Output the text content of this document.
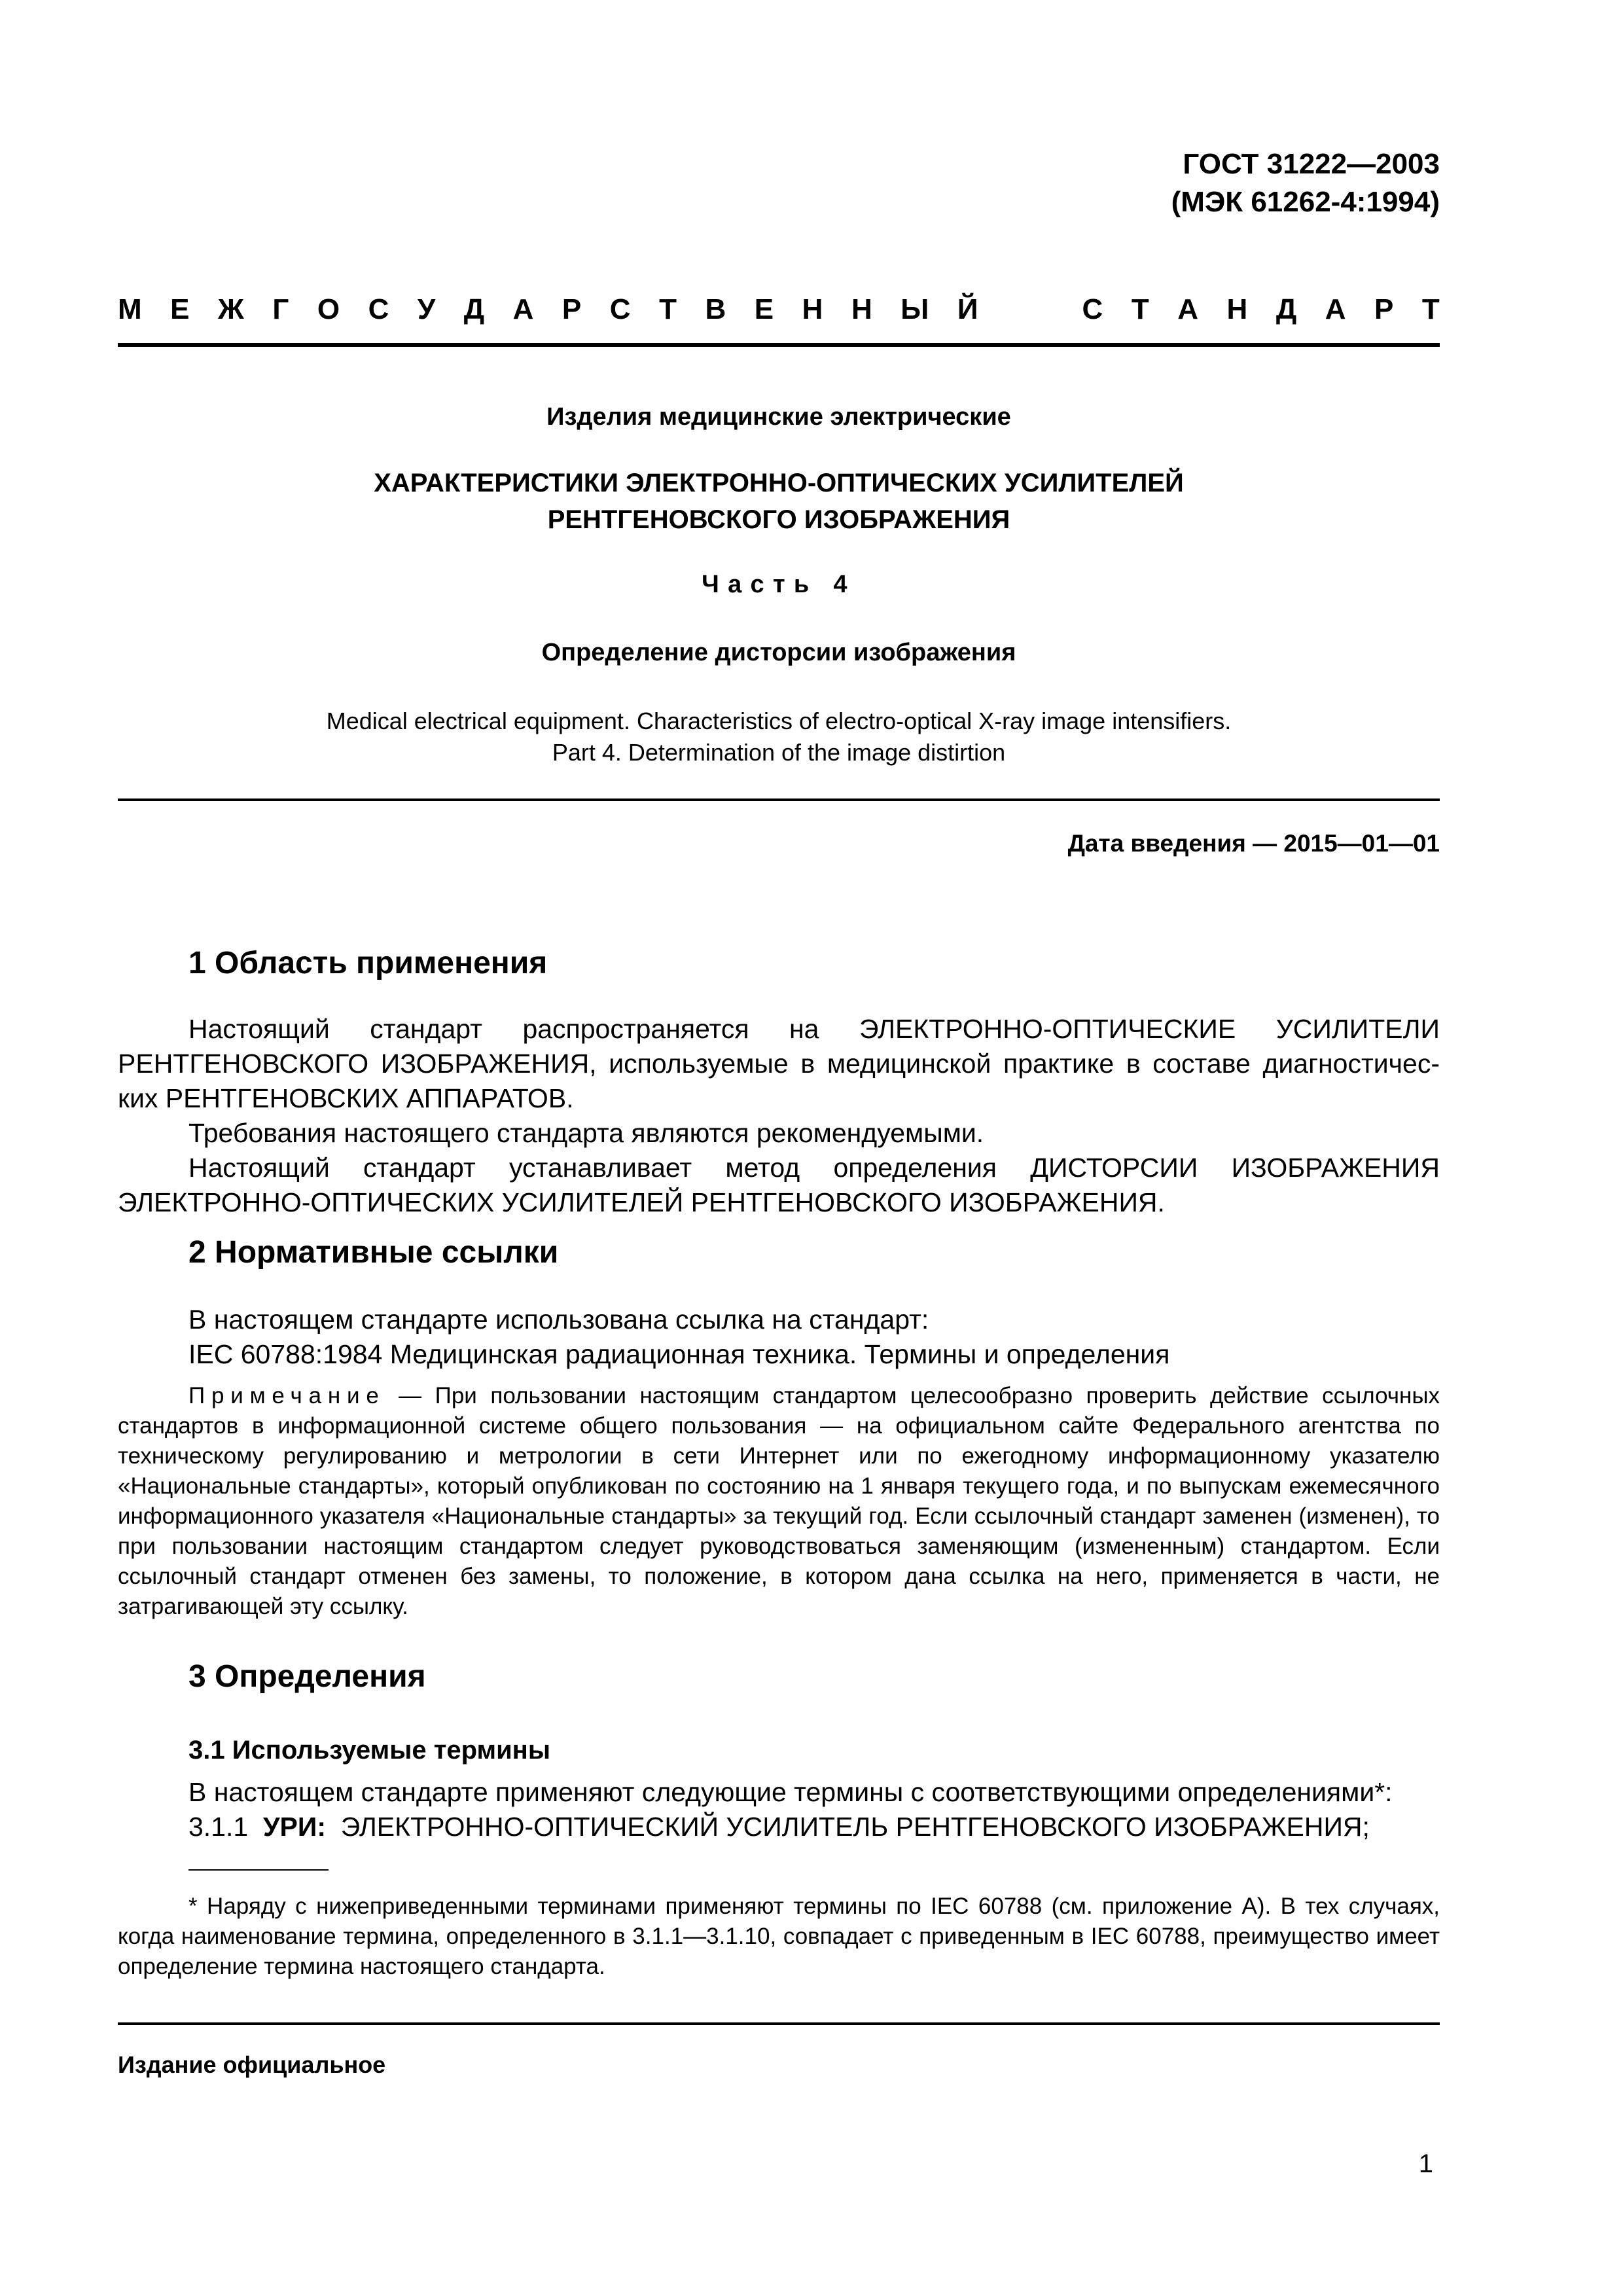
ГОСТ 31222—2003
(МЭК 61262-4:1994)
М Е Ж Г О С У Д А Р С Т В Е Н Н Ы Й	С Т А Н Д А Р Т
Изделия медицинские электрические
ХАРАКТЕРИСТИКИ ЭЛЕКТРОННО-ОПТИЧЕСКИХ УСИЛИТЕЛЕЙ
РЕНТГЕНОВСКОГО ИЗОБРАЖЕНИЯ
Часть 4
Определение дисторсии изображения
Medical electrical equipment. Characteristics of electro-optical X-ray image intensifiers.
Part 4. Determination of the image distirtion
Дата введения — 2015—01—01
1 Область применения
Настоящий стандарт распространяется на ЭЛЕКТРОННО-ОПТИЧЕСКИЕ УСИЛИТЕЛИ
РЕНТГЕНОВСКОГО ИЗОБРАЖЕНИЯ, используемые в медицинской практике в составе диагностичес-
ких РЕНТГЕНОВСКИХ АППАРАТОВ.
Требования настоящего стандарта являются рекомендуемыми.
Настоящий стандарт устанавливает метод определения ДИСТОРСИИ ИЗОБРАЖЕНИЯ
ЭЛЕКТРОННО-ОПТИЧЕСКИХ УСИЛИТЕЛЕЙ РЕНТГЕНОВСКОГО ИЗОБРАЖЕНИЯ.
2 Нормативные ссылки
В настоящем стандарте использована ссылка на стандарт:
IEC 60788:1984 Медицинская радиационная техника. Термины и определения
Примечание — При пользовании настоящим стандартом целесообразно проверить действие ссылочных стандартов в информационной системе общего пользования — на официальном сайте Федерального агентства по техническому регулированию и метрологии в сети Интернет или по ежегодному информационному указателю «Национальные стандарты», который опубликован по состоянию на 1 января текущего года, и по выпускам ежемесячного информационного указателя «Национальные стандарты» за текущий год. Если ссылочный стандарт заменен (изменен), то при пользовании настоящим стандартом следует руководствоваться заменяющим (измененным) стандартом. Если ссылочный стандарт отменен без замены, то положение, в котором дана ссылка на него, применяется в части, не затрагивающей эту ссылку.
3 Определения
3.1 Используемые термины
В настоящем стандарте применяют следующие термины с соответствующими определениями*:
3.1.1 УРИ: ЭЛЕКТРОННО-ОПТИЧЕСКИЙ УСИЛИТЕЛЬ РЕНТГЕНОВСКОГО ИЗОБРАЖЕНИЯ;
* Наряду с нижеприведенными терминами применяют термины по IEC 60788 (см. приложение А). В тех случаях, когда наименование термина, определенного в 3.1.1—3.1.10, совпадает с приведенным в IEC 60788, преимущество имеет определение термина настоящего стандарта.
Издание официальное
1
